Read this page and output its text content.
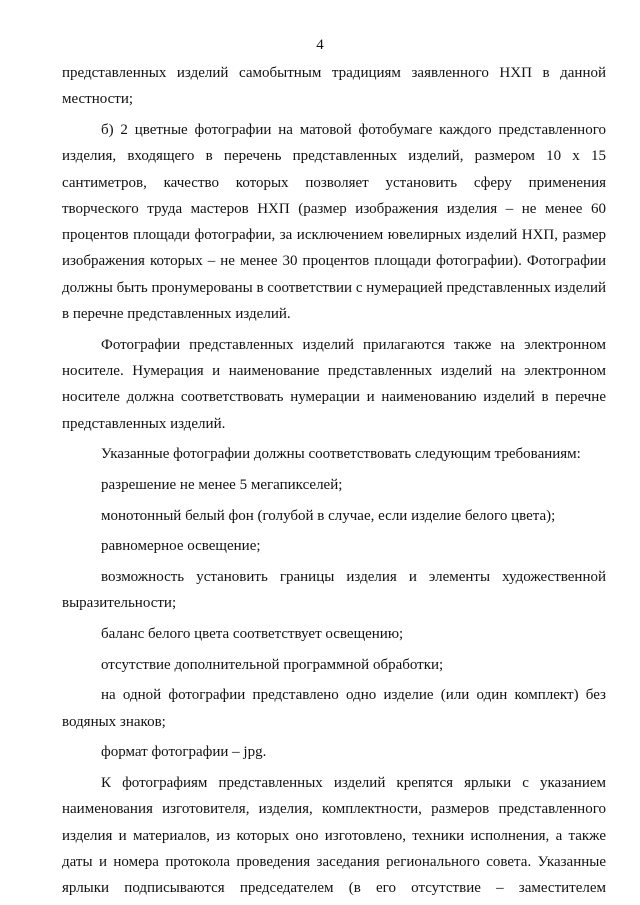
4

представленных изделий самобытным традициям заявленного НХП в данной местности;

б) 2 цветные фотографии на матовой фотобумаге каждого представленного изделия, входящего в перечень представленных изделий, размером 10 х 15 сантиметров, качество которых позволяет установить сферу применения творческого труда мастеров НХП (размер изображения изделия – не менее 60 процентов площади фотографии, за исключением ювелирных изделий НХП, размер изображения которых – не менее 30 процентов площади фотографии). Фотографии должны быть пронумерованы в соответствии с нумерацией представленных изделий в перечне представленных изделий.

Фотографии представленных изделий прилагаются также на электронном носителе. Нумерация и наименование представленных изделий на электронном носителе должна соответствовать нумерации и наименованию изделий в перечне представленных изделий.

Указанные фотографии должны соответствовать следующим требованиям:

разрешение не менее 5 мегапикселей;

монотонный белый фон (голубой в случае, если изделие белого цвета);

равномерное освещение;

возможность установить границы изделия и элементы художественной выразительности;

баланс белого цвета соответствует освещению;

отсутствие дополнительной программной обработки;

на одной фотографии представлено одно изделие (или один комплект) без водяных знаков;

формат фотографии – jpg.

К фотографиям представленных изделий крепятся ярлыки с указанием наименования изготовителя, изделия, комплектности, размеров представленного изделия и материалов, из которых оно изготовлено, техники исполнения, а также даты и номера протокола проведения заседания регионального совета. Указанные ярлыки подписываются председателем (в его отсутствие – заместителем
